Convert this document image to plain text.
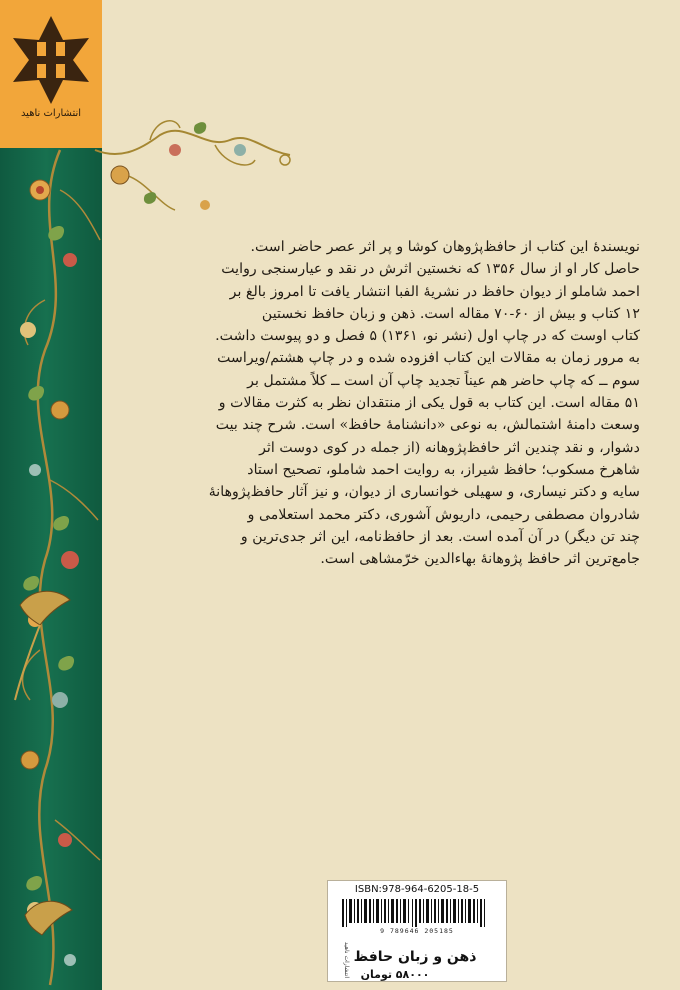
انتشارات ناهید

نویسندهٔ این کتاب از حافظ‌پژوهان کوشا و پر اثر عصر حاضر است.

حاصل کار او از سال ۱۳۵۶ که نخستین اثرش در نقد و عیارسنجی روایت

احمد شاملو از دیوان حافظ در نشریهٔ الفبا انتشار یافت تا امروز بالغ بر

۱۲ کتاب و بیش از ۶۰-۷۰ مقاله است. ذهن و زبان حافظ نخستین

کتاب اوست که در چاپ اول (نشر نو، ۱۳۶۱) ۵ فصل و دو پیوست داشت.

به مرور زمان به مقالات این کتاب افزوده شده و در چاپ هشتم/ویراست

سوم ــ که چاپ حاضر هم عیناً تجدید چاپ آن است ــ کلاً مشتمل بر

۵۱ مقاله است. این کتاب به قول یکی از منتقدان نظر به کثرت مقالات و

وسعت دامنهٔ اشتمالش، به نوعی «دانشنامهٔ حافظ» است. شرح چند بیت

دشوار، و نقد چندین اثر حافظ‌پژوهانه (از جمله در کوی دوست اثر

شاهرخ مسکوب؛ حافظ شیراز، به روایت احمد شاملو، تصحیح استاد

سایه و دکتر نیساری، و سهیلی خوانساری از دیوان، و نیز آثار حافظ‌پژوهانهٔ

شادروان مصطفی رحیمی، داریوش آشوری، دکتر محمد استعلامی و

چند تن دیگر) در آن آمده است. بعد از حافظ‌نامه، این اثر جدی‌ترین و

جامع‌ترین اثر حافظ پژوهانهٔ بهاءالدین خرّمشاهی است.

ISBN:978-964-6205-18-5
9 789646 205185
انتشارات ناهید ذهن و زبان حافظ
۵۸۰۰۰ تومان
